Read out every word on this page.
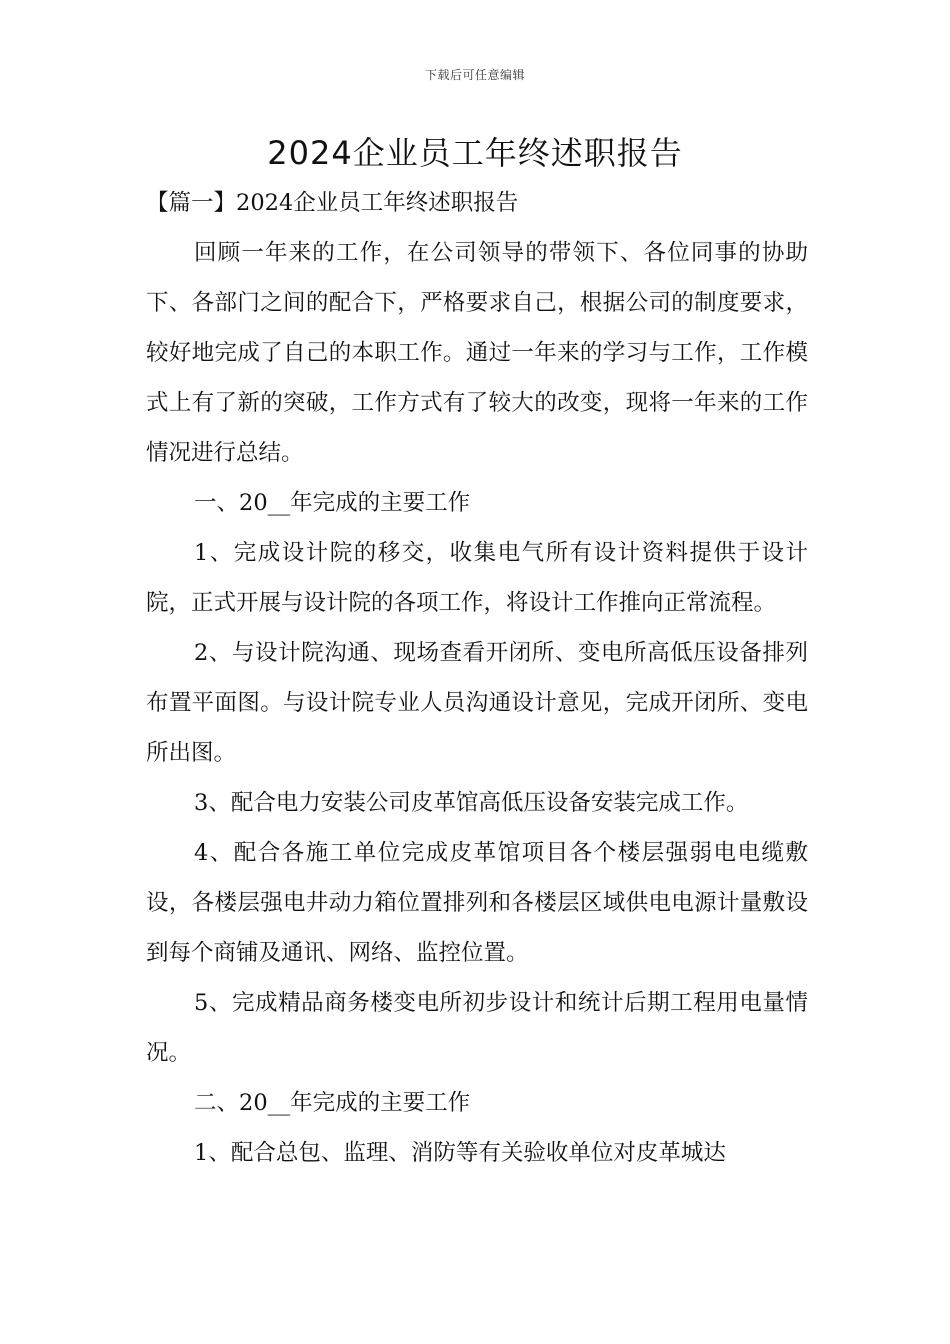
下载后可任意编辑
2024企业员工年终述职报告

【篇一】2024企业员工年终述职报告

回顾一年来的工作，在公司领导的带领下、各位同事的协助下、各部门之间的配合下，严格要求自己，根据公司的制度要求，较好地完成了自己的本职工作。通过一年来的学习与工作，工作模式上有了新的突破，工作方式有了较大的改变，现将一年来的工作情况进行总结。

一、20__年完成的主要工作

1、完成设计院的移交，收集电气所有设计资料提供于设计院，正式开展与设计院的各项工作，将设计工作推向正常流程。

2、与设计院沟通、现场查看开闭所、变电所高低压设备排列布置平面图。与设计院专业人员沟通设计意见，完成开闭所、变电所出图。

3、配合电力安装公司皮革馆高低压设备安装完成工作。

4、配合各施工单位完成皮革馆项目各个楼层强弱电电缆敷设，各楼层强电井动力箱位置排列和各楼层区域供电电源计量敷设到每个商铺及通讯、网络、监控位置。

5、完成精品商务楼变电所初步设计和统计后期工程用电量情况。

二、20__年完成的主要工作

1、配合总包、监理、消防等有关验收单位对皮革城达
